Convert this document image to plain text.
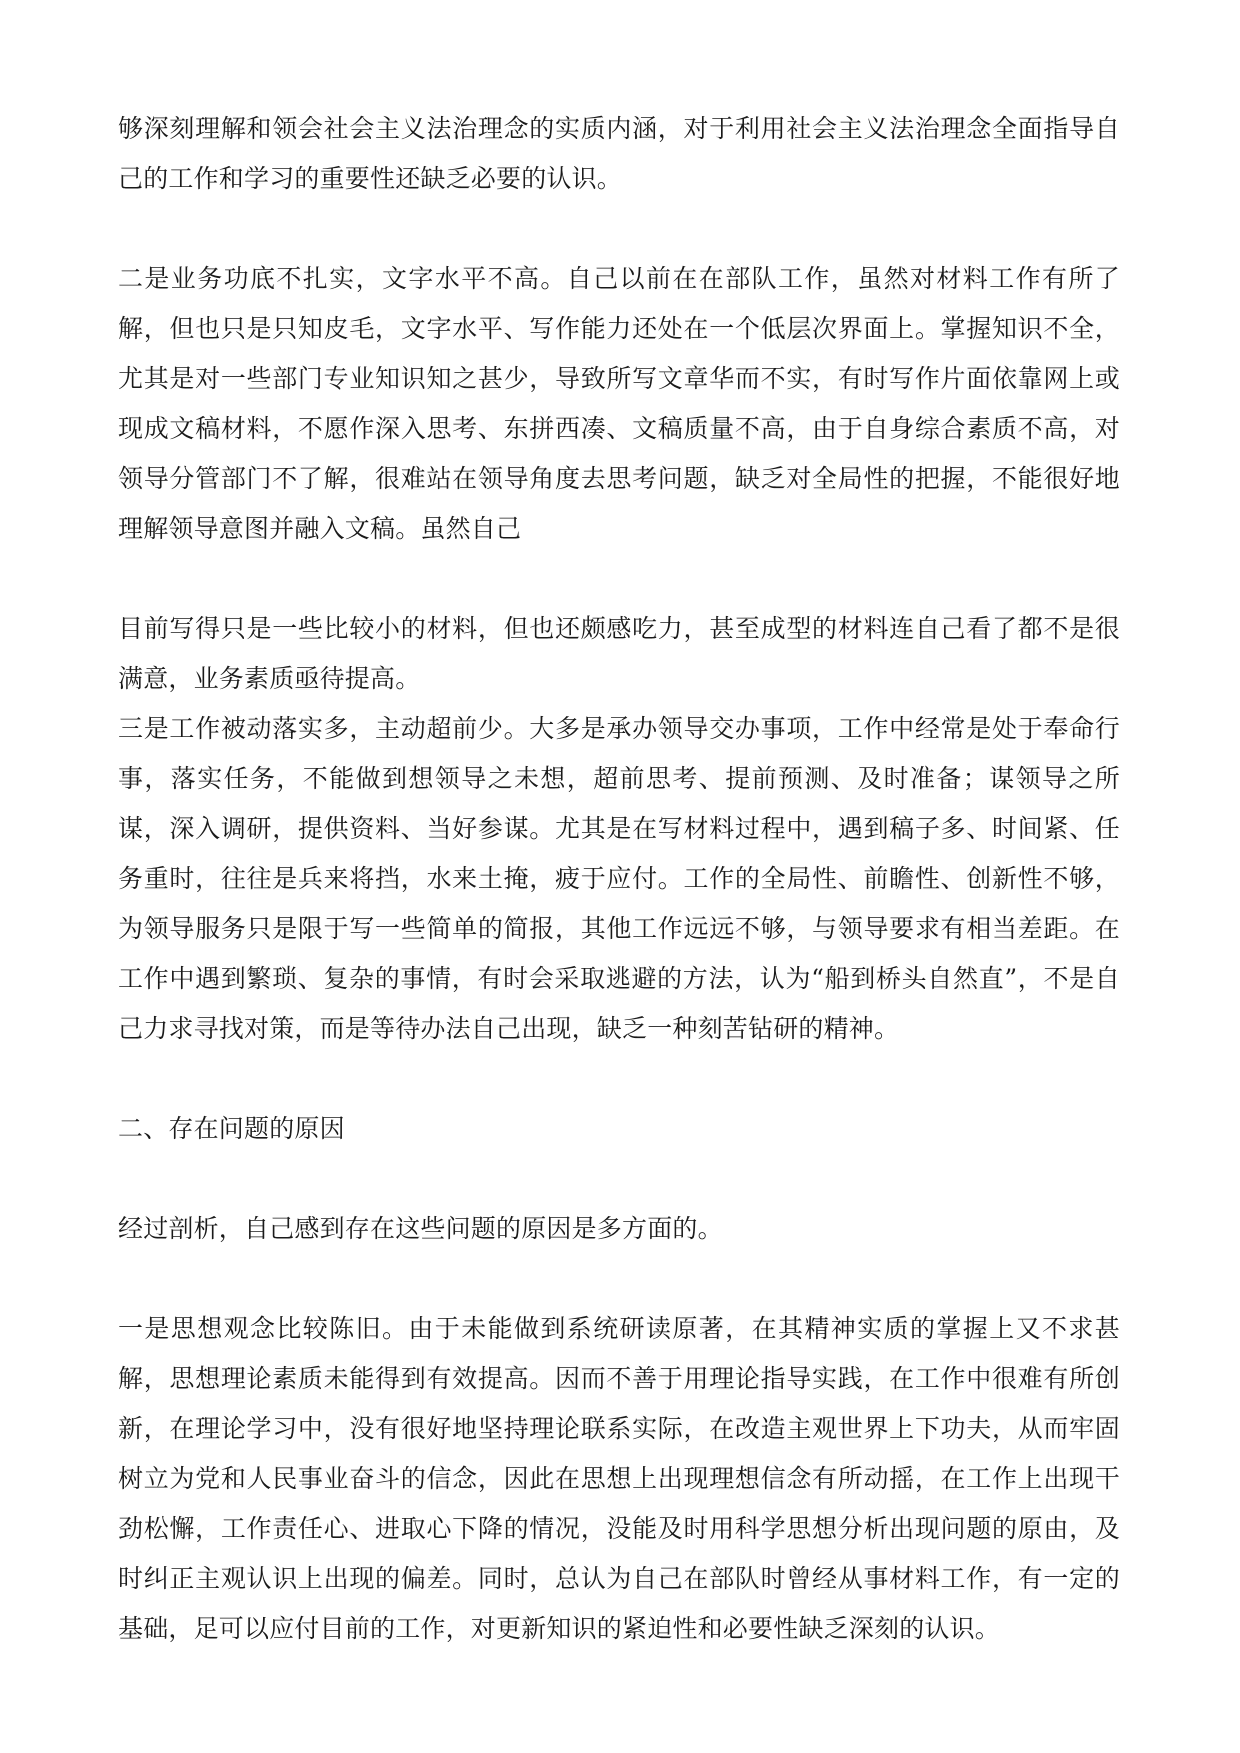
够深刻理解和领会社会主义法治理念的实质内涵，对于利用社会主义法治理念全面指导自己的工作和学习的重要性还缺乏必要的认识。

二是业务功底不扎实，文字水平不高。自己以前在在部队工作，虽然对材料工作有所了解，但也只是只知皮毛，文字水平、写作能力还处在一个低层次界面上。掌握知识不全，尤其是对一些部门专业知识知之甚少，导致所写文章华而不实，有时写作片面依靠网上或现成文稿材料，不愿作深入思考、东拼西凑、文稿质量不高，由于自身综合素质不高，对领导分管部门不了解，很难站在领导角度去思考问题，缺乏对全局性的把握，不能很好地理解领导意图并融入文稿。虽然自己

目前写得只是一些比较小的材料，但也还颇感吃力，甚至成型的材料连自己看了都不是很满意，业务素质亟待提高。

三是工作被动落实多，主动超前少。大多是承办领导交办事项，工作中经常是处于奉命行事，落实任务，不能做到想领导之未想，超前思考、提前预测、及时准备；谋领导之所谋，深入调研，提供资料、当好参谋。尤其是在写材料过程中，遇到稿子多、时间紧、任务重时，往往是兵来将挡，水来土掩，疲于应付。工作的全局性、前瞻性、创新性不够，为领导服务只是限于写一些简单的简报，其他工作远远不够，与领导要求有相当差距。在工作中遇到繁琐、复杂的事情，有时会采取逃避的方法，认为“船到桥头自然直”，不是自己力求寻找对策，而是等待办法自己出现，缺乏一种刻苦钻研的精神。

二、存在问题的原因

经过剖析，自己感到存在这些问题的原因是多方面的。

一是思想观念比较陈旧。由于未能做到系统研读原著，在其精神实质的掌握上又不求甚解，思想理论素质未能得到有效提高。因而不善于用理论指导实践，在工作中很难有所创新，在理论学习中，没有很好地坚持理论联系实际，在改造主观世界上下功夫，从而牢固树立为党和人民事业奋斗的信念，因此在思想上出现理想信念有所动摇，在工作上出现干劲松懈，工作责任心、进取心下降的情况，没能及时用科学思想分析出现问题的原由，及时纠正主观认识上出现的偏差。同时，总认为自己在部队时曾经从事材料工作，有一定的基础，足可以应付目前的工作，对更新知识的紧迫性和必要性缺乏深刻的认识。
